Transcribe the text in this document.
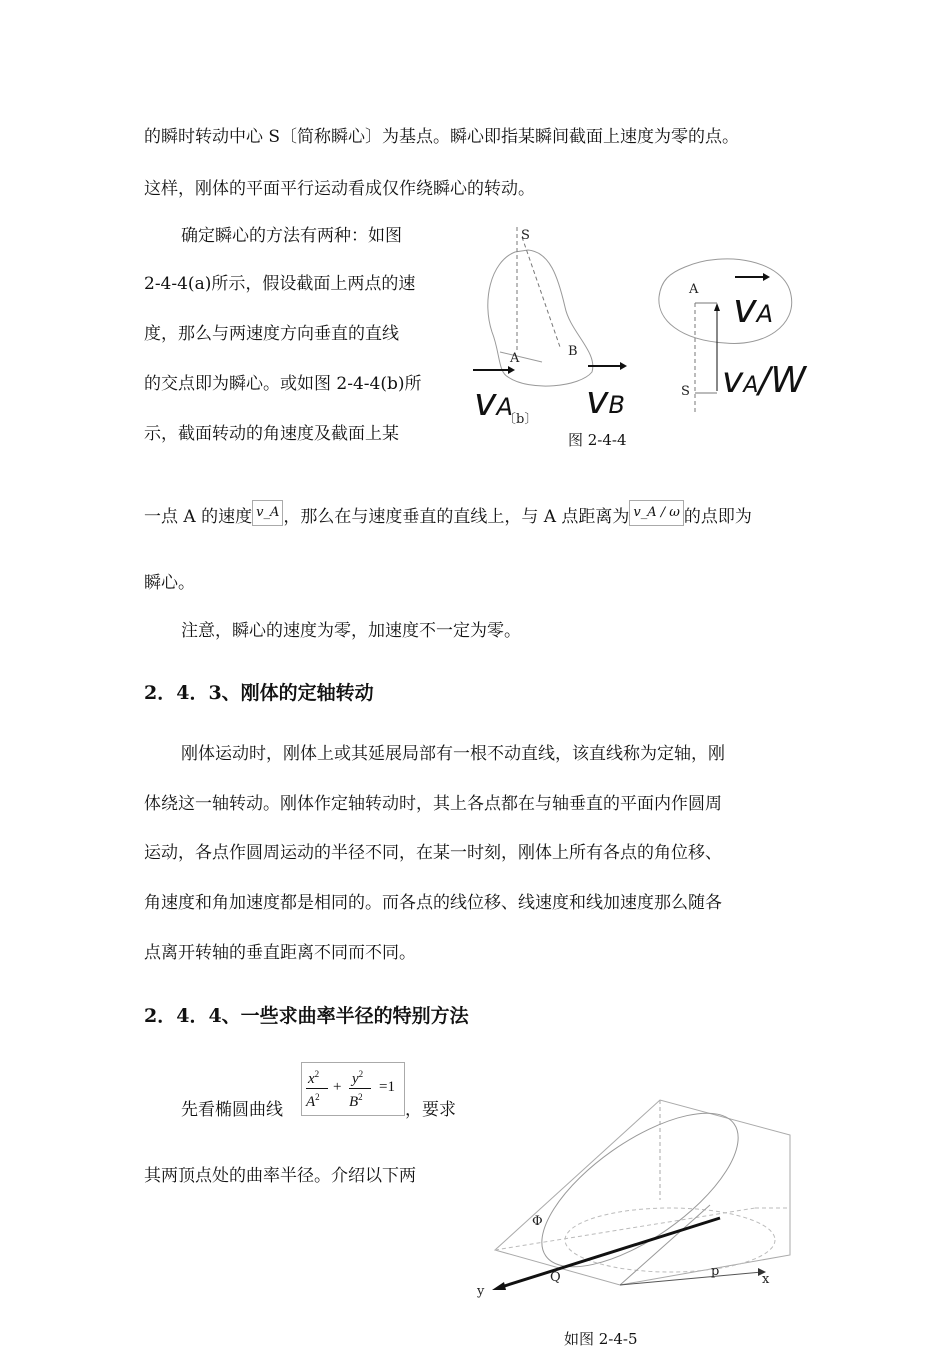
的瞬时转动中心 S〔简称瞬心〕为基点。瞬心即指某瞬间截面上速度为零的点。
这样，刚体的平面平行运动看成仅作绕瞬心的转动。
确定瞬心的方法有两种：如图
2-4-4(a)所示，假设截面上两点的速
度，那么与两速度方向垂直的直线
的交点即为瞬心。或如图 2-4-4(b)所
示，截面转动的角速度及截面上某
S
A	B
vA
〔b〕 vB
图 2-4-4
A
S
vA
vA/W
一点 A 的速度 v_A ，那么在与速度垂直的直线上，与 A 点距离为 v_A / ω 的点即为
瞬心。
注意，瞬心的速度为零，加速度不一定为零。
2．4．3、刚体的定轴转动
刚体运动时，刚体上或其延展局部有一根不动直线，该直线称为定轴，刚
体绕这一轴转动。刚体作定轴转动时，其上各点都在与轴垂直的平面内作圆周
运动，各点作圆周运动的半径不同，在某一时刻，刚体上所有各点的角位移、
角速度和角加速度都是相同的。而各点的线位移、线速度和线加速度那么随各
点离开转轴的垂直距离不同而不同。
2．4．4、一些求曲率半径的特别方法
先看椭圆曲线
$x^2$
$A^2$
+ $y^2$
$B^2$
=1
，要求
其两顶点处的曲率半径。介绍以下两
Φ
Q	p
x
y
如图 2-4-5
